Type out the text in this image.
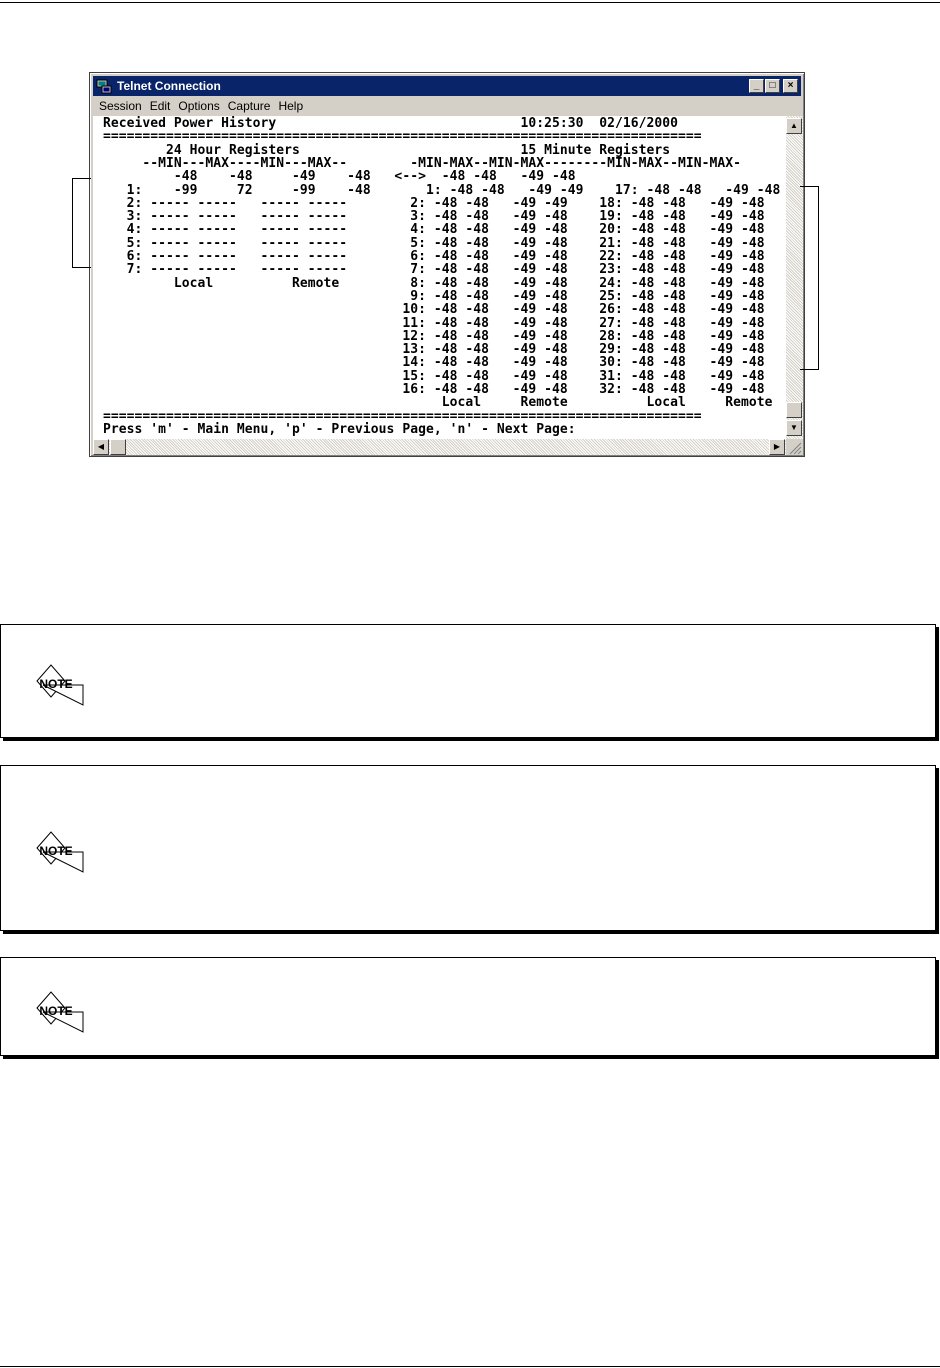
Telnet Connection	_	□	×
Session Edit Options Capture Help
Received Power History                               10:25:30  02/16/2000
============================================================================
24 Hour Registers                            15 Minute Registers
--MIN---MAX----MIN---MAX--        -MIN-MAX--MIN-MAX--------MIN-MAX--MIN-MAX-
-48    -48     -49    -48   <-->  -48 -48   -49 -48
1:    -99     72     -99    -48       1: -48 -48   -49 -49    17: -48 -48   -49 -48
2: ----- -----   ----- -----        2: -48 -48   -49 -49    18: -48 -48   -49 -48
3: ----- -----   ----- -----        3: -48 -48   -49 -48    19: -48 -48   -49 -48
4: ----- -----   ----- -----        4: -48 -48   -49 -48    20: -48 -48   -49 -48
5: ----- -----   ----- -----        5: -48 -48   -49 -48    21: -48 -48   -49 -48
6: ----- -----   ----- -----        6: -48 -48   -49 -48    22: -48 -48   -49 -48
7: ----- -----   ----- -----        7: -48 -48   -49 -48    23: -48 -48   -49 -48
Local          Remote         8: -48 -48   -49 -48    24: -48 -48   -49 -48
9: -48 -48   -49 -48    25: -48 -48   -49 -48
10: -48 -48   -49 -48    26: -48 -48   -49 -48
11: -48 -48   -49 -48    27: -48 -48   -49 -48
12: -48 -48   -49 -48    28: -48 -48   -49 -48
13: -48 -48   -49 -48    29: -48 -48   -49 -48
14: -48 -48   -49 -48    30: -48 -48   -49 -48
15: -48 -48   -49 -48    31: -48 -48   -49 -48
16: -48 -48   -49 -48    32: -48 -48   -49 -48
Local     Remote          Local     Remote
============================================================================
Press 'm' - Main Menu, 'p' - Previous Page, 'n' - Next Page:
▲
▼
◀	▶
NOTE
NOTE
NOTE
